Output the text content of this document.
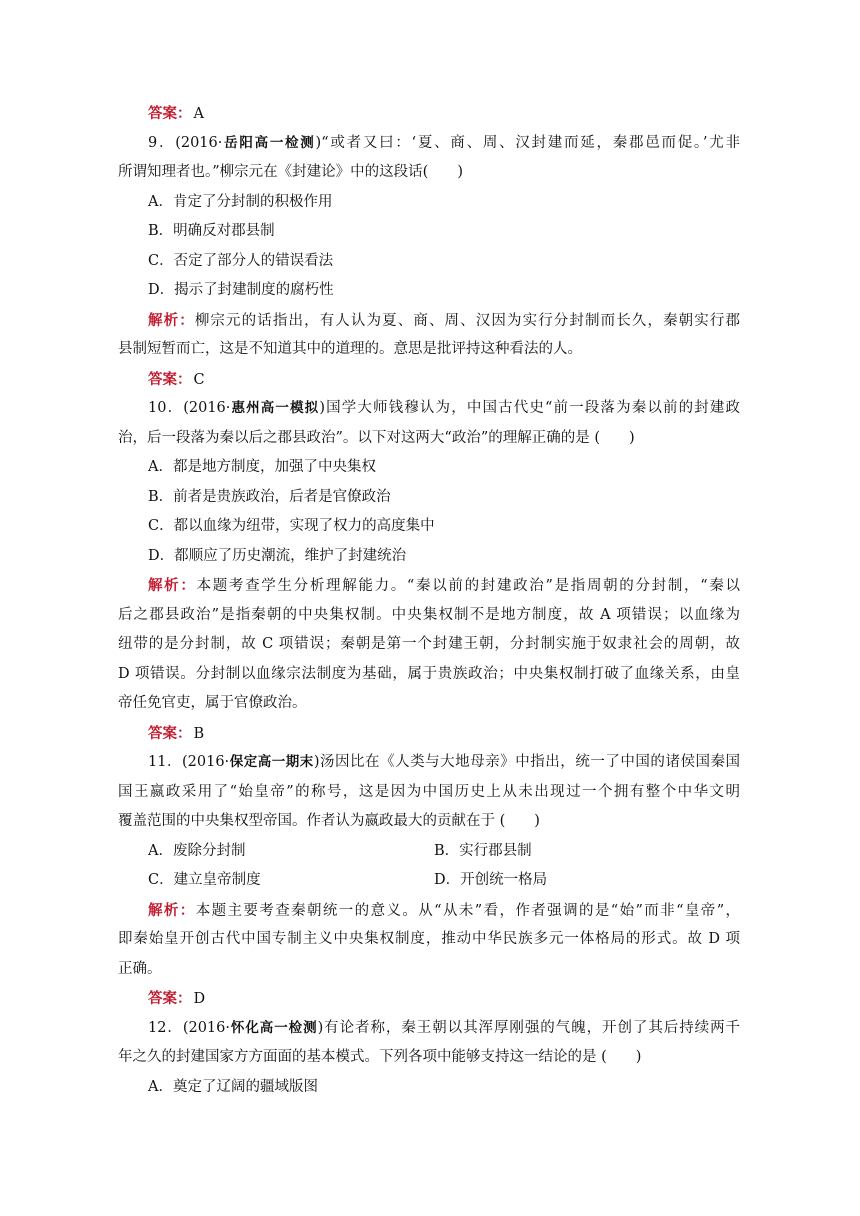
答案： A
9．(2016·岳阳高一检测)“或者又曰：‘夏、商、周、汉封建而延，秦郡邑而促。’尤非
所谓知理者也。”柳宗元在《封建论》中的这段话(　　)
A．肯定了分封制的积极作用
B．明确反对郡县制
C．否定了部分人的错误看法
D．揭示了封建制度的腐朽性
解析：柳宗元的话指出，有人认为夏、商、周、汉因为实行分封制而长久，秦朝实行郡
县制短暂而亡，这是不知道其中的道理的。意思是批评持这种看法的人。
答案： C
10．(2016·惠州高一模拟)国学大师钱穆认为，中国古代史“前一段落为秦以前的封建政
治，后一段落为秦以后之郡县政治”。以下对这两大“政治”的理解正确的是 (　　)
A．都是地方制度，加强了中央集权
B．前者是贵族政治，后者是官僚政治
C．都以血缘为纽带，实现了权力的高度集中
D．都顺应了历史潮流，维护了封建统治
解析：本题考查学生分析理解能力。“秦以前的封建政治”是指周朝的分封制，“秦以
后之郡县政治”是指秦朝的中央集权制。中央集权制不是地方制度，故 A 项错误；以血缘为
纽带的是分封制，故 C 项错误；秦朝是第一个封建王朝，分封制实施于奴隶社会的周朝，故
D 项错误。分封制以血缘宗法制度为基础，属于贵族政治；中央集权制打破了血缘关系，由皇
帝任免官吏，属于官僚政治。
答案： B
11．(2016·保定高一期末)汤因比在《人类与大地母亲》中指出，统一了中国的诸侯国秦国
国王嬴政采用了“始皇帝”的称号，这是因为中国历史上从未出现过一个拥有整个中华文明
覆盖范围的中央集权型帝国。作者认为嬴政最大的贡献在于 (　　)
A．废除分封制	B．实行郡县制
C．建立皇帝制度	D．开创统一格局
解析：本题主要考查秦朝统一的意义。从“从未”看，作者强调的是“始”而非“皇帝”，
即秦始皇开创古代中国专制主义中央集权制度，推动中华民族多元一体格局的形式。故 D 项
正确。
答案： D
12．(2016·怀化高一检测)有论者称，秦王朝以其浑厚刚强的气魄，开创了其后持续两千
年之久的封建国家方方面面的基本模式。下列各项中能够支持这一结论的是 (　　)
A．奠定了辽阔的疆域版图
